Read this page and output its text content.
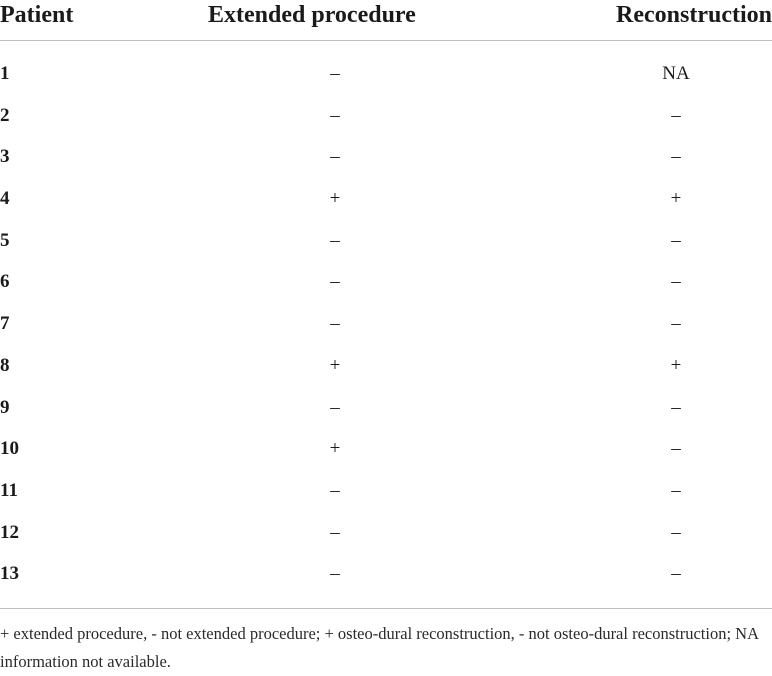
Patient	Extended procedure	Reconstruction
1	–	NA
2	–	–
3	–	–
4	+	+
5	–	–
6	–	–
7	–	–
8	+	+
9	–	–
10	+	–
11	–	–
12	–	–
13	–	–
+ extended procedure, - not extended procedure; + osteo-dural reconstruction, - not osteo-dural reconstruction; NA information not available.
